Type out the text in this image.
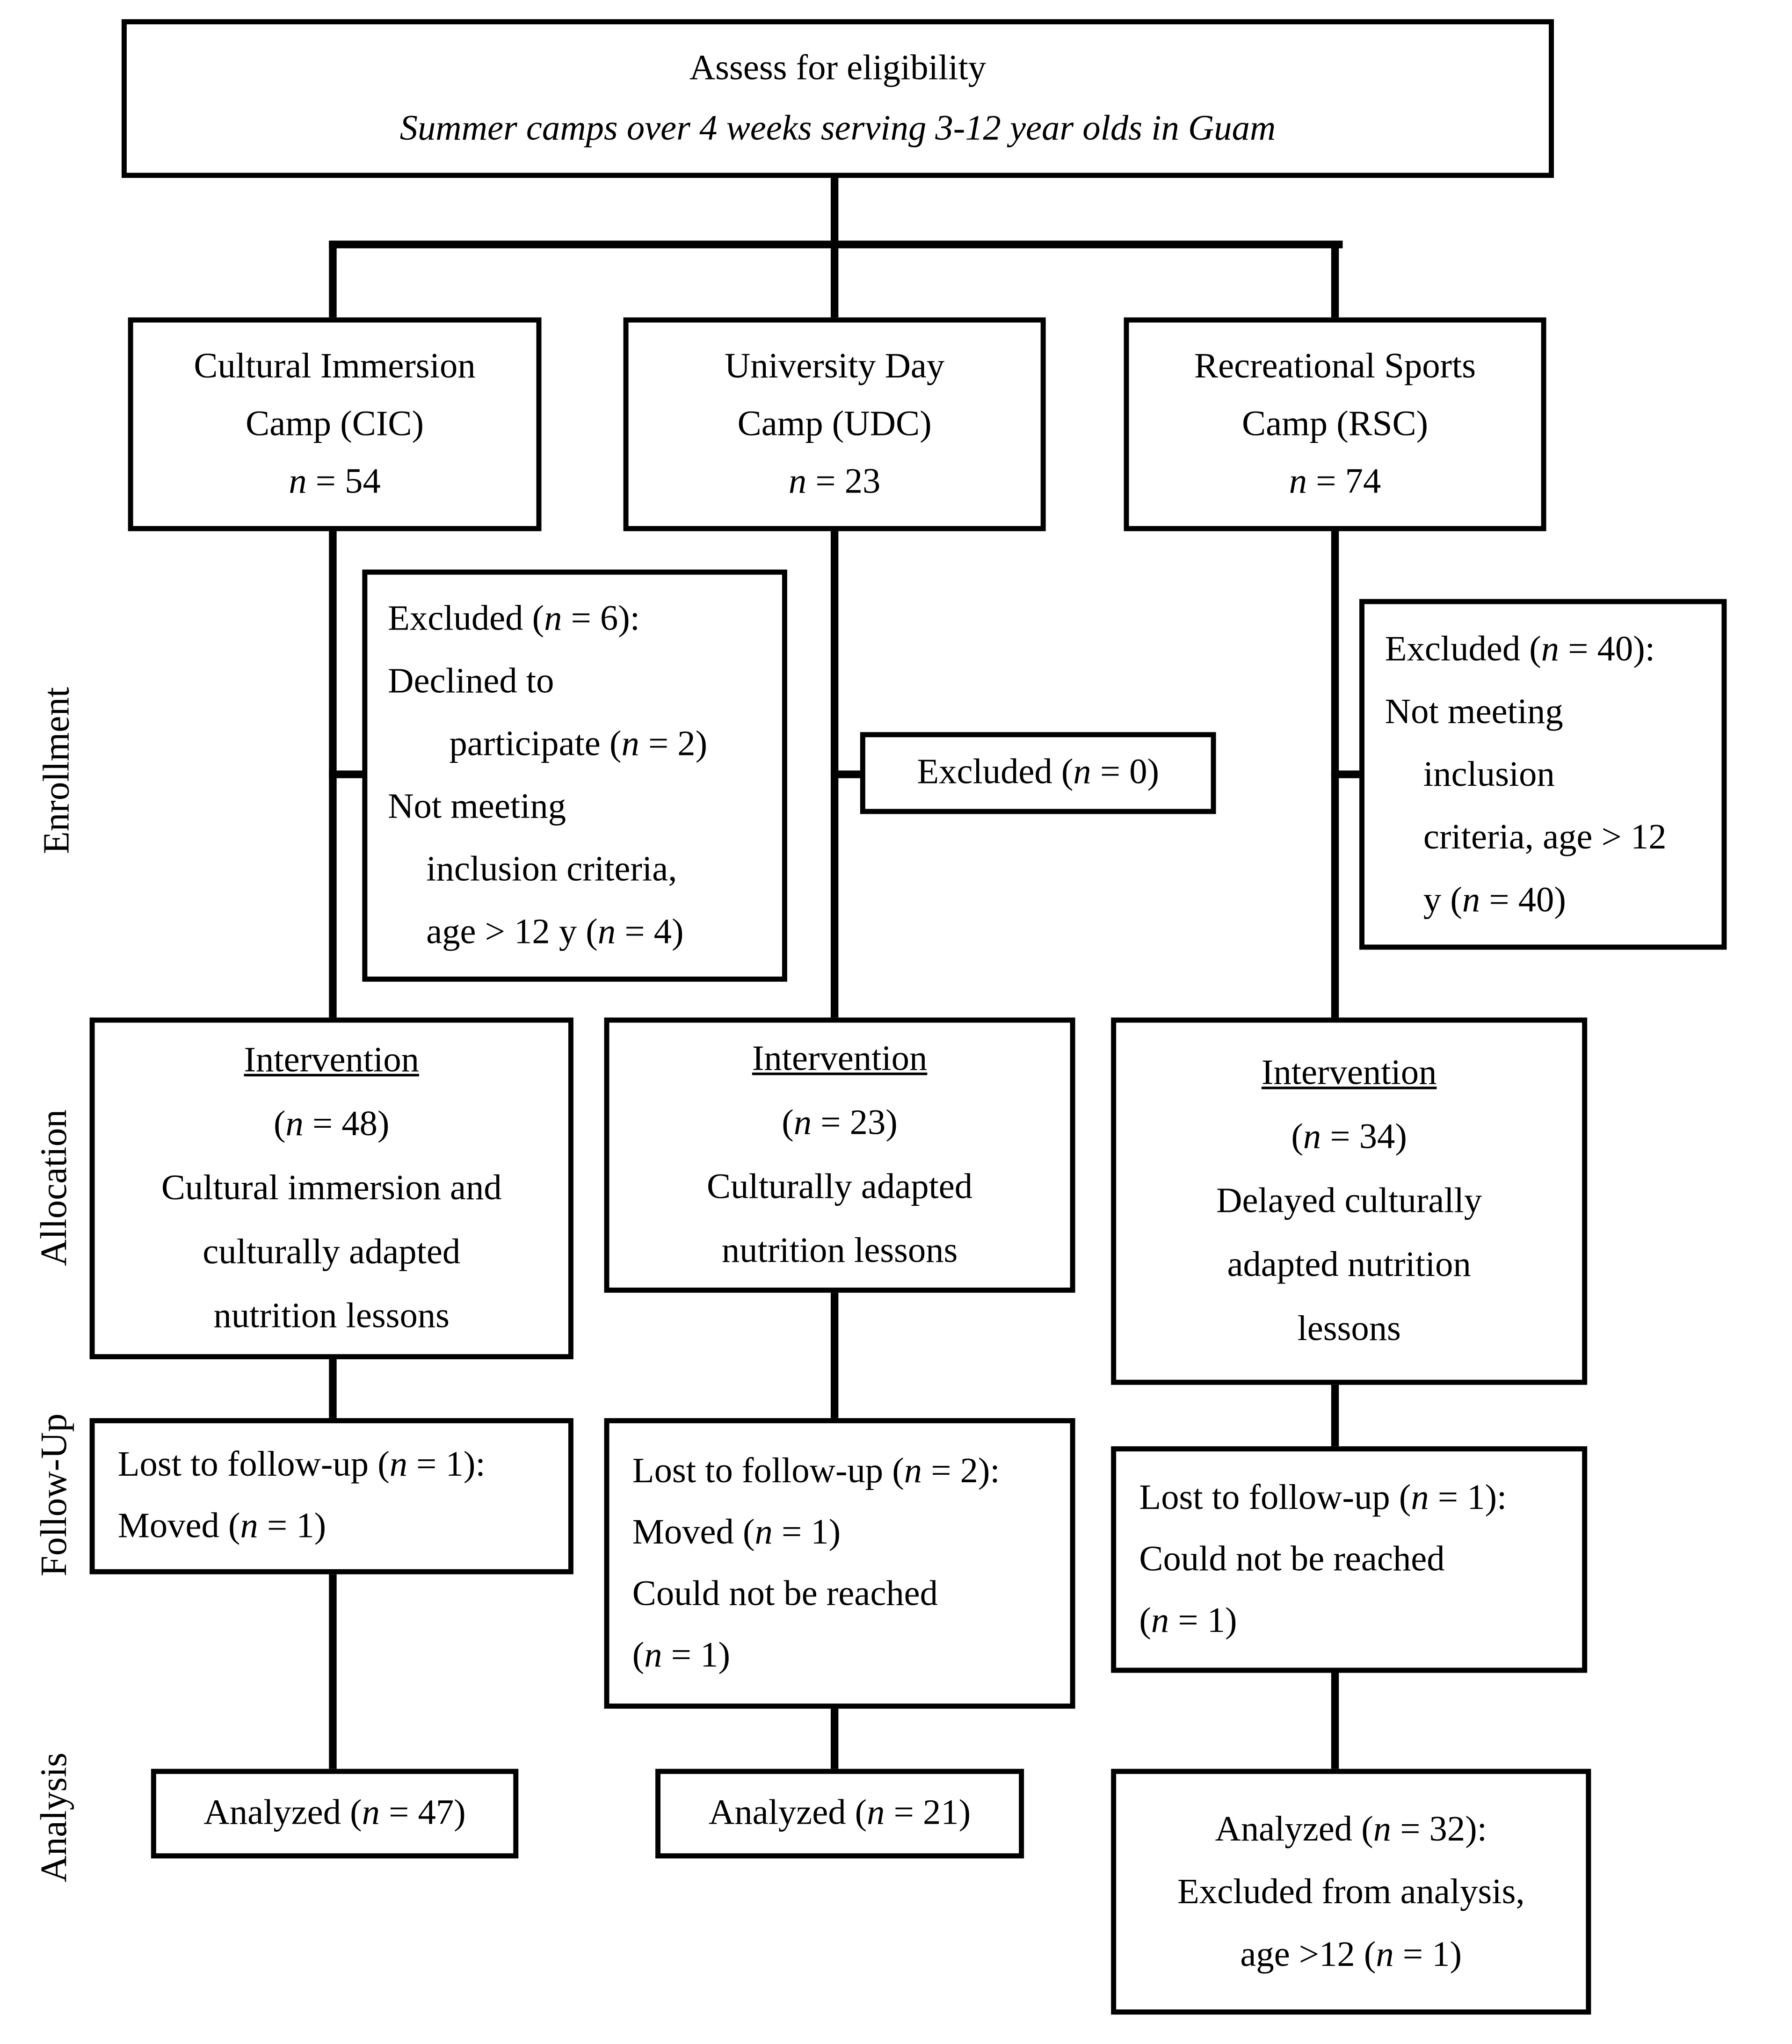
Enrollment
Allocation
Follow-Up
Analysis
Assess for eligibility
Summer camps over 4 weeks serving 3-12 year olds in Guam
Cultural Immersion
Camp (CIC)
n = 54
University Day
Camp (UDC)
n = 23
Recreational Sports
Camp (RSC)
n = 74
Excluded (n = 6):
Declined to
participate (n = 2)
Not meeting
inclusion criteria,
age > 12 y (n = 4)
Excluded (n = 0)
Excluded (n = 40):
Not meeting
inclusion
criteria, age > 12
y (n = 40)
Intervention
(n = 48)
Cultural immersion and
culturally adapted
nutrition lessons
Intervention
(n = 23)
Culturally adapted
nutrition lessons
Intervention
(n = 34)
Delayed culturally
adapted nutrition
lessons
Lost to follow-up (n = 1):
Moved (n = 1)
Lost to follow-up (n = 2):
Moved (n = 1)
Could not be reached
(n = 1)
Lost to follow-up (n = 1):
Could not be reached
(n = 1)
Analyzed (n = 47)	Analyzed (n = 21)	Analyzed (n = 32):
Excluded from analysis,
age >12 (n = 1)
